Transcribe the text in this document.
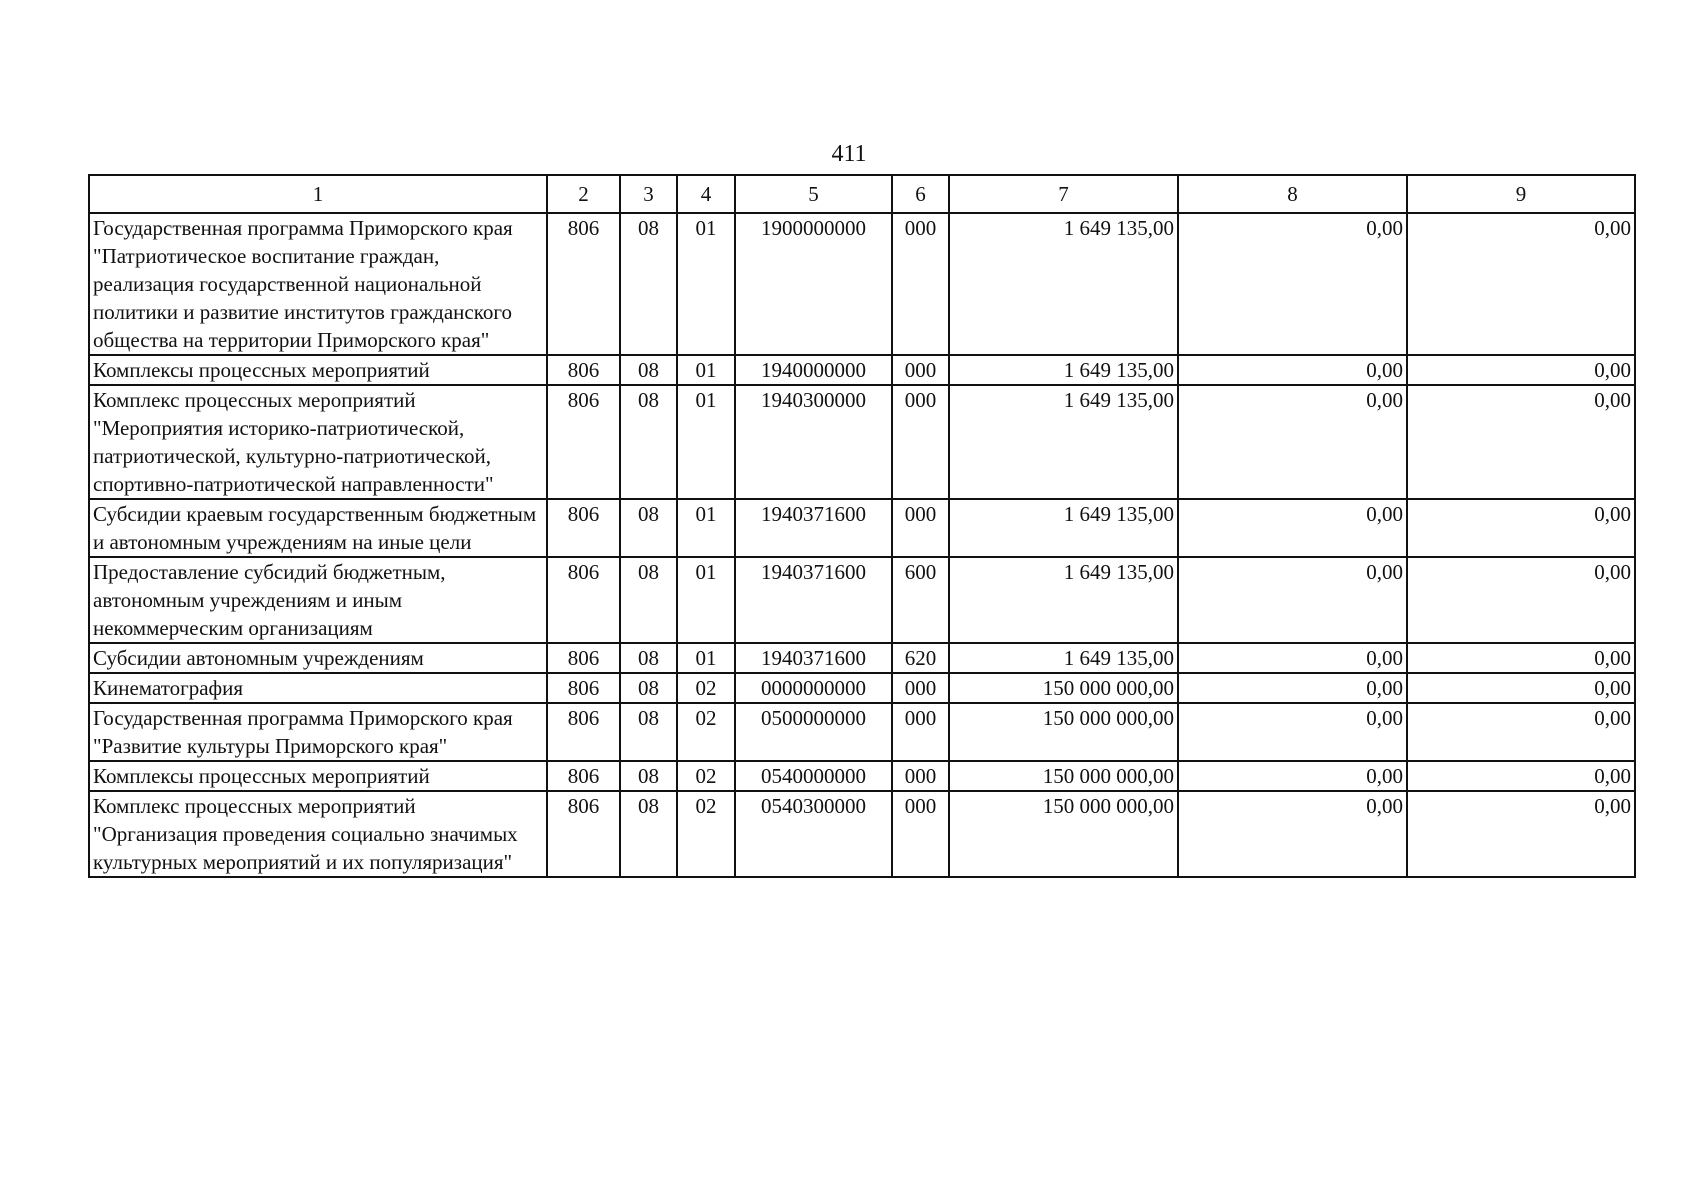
411
1	2	3	4	5	6	7	8	9
Государственная программа Приморского края "Патриотическое воспитание граждан, реализация государственной национальной политики и развитие институтов гражданского общества на территории Приморского края"	806	08	01	1900000000	000	1 649 135,00	0,00	0,00
Комплексы процессных мероприятий	806	08	01	1940000000	000	1 649 135,00	0,00	0,00
Комплекс процессных мероприятий "Мероприятия историко-патриотической, патриотической, культурно-патриотической, спортивно-патриотической направленности"	806	08	01	1940300000	000	1 649 135,00	0,00	0,00
Субсидии краевым государственным бюджетным и автономным учреждениям на иные цели	806	08	01	1940371600	000	1 649 135,00	0,00	0,00
Предоставление субсидий бюджетным, автономным учреждениям и иным некоммерческим организациям	806	08	01	1940371600	600	1 649 135,00	0,00	0,00
Субсидии автономным учреждениям	806	08	01	1940371600	620	1 649 135,00	0,00	0,00
Кинематография	806	08	02	0000000000	000	150 000 000,00	0,00	0,00
Государственная программа Приморского края "Развитие культуры Приморского края"	806	08	02	0500000000	000	150 000 000,00	0,00	0,00
Комплексы процессных мероприятий	806	08	02	0540000000	000	150 000 000,00	0,00	0,00
Комплекс процессных мероприятий "Организация проведения социально значимых культурных мероприятий и их популяризация"	806	08	02	0540300000	000	150 000 000,00	0,00	0,00
